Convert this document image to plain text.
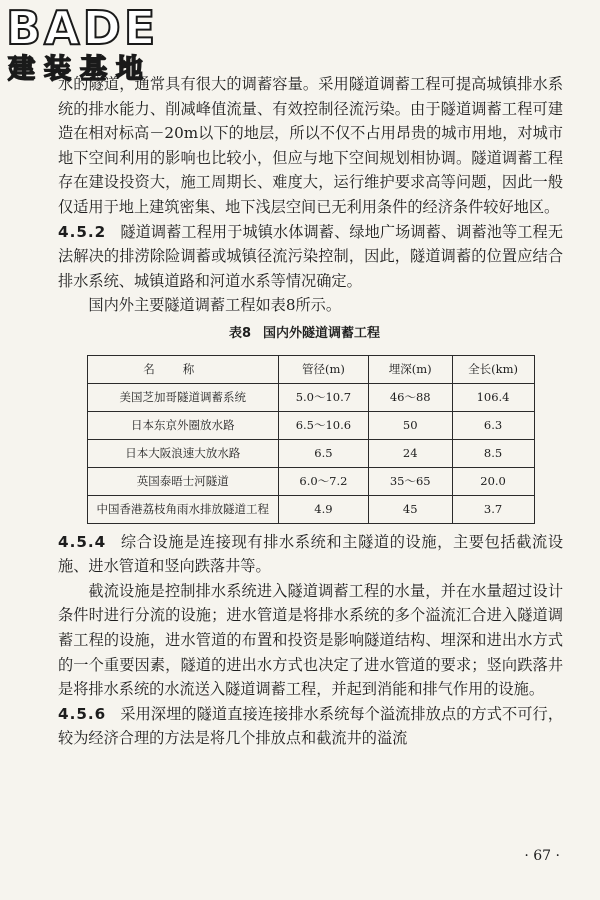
BADE
建装基地

水的隧道，通常具有很大的调蓄容量。采用隧道调蓄工程可提高城镇排水系统的排水能力、削减峰值流量、有效控制径流污染。由于隧道调蓄工程可建造在相对标高－20m以下的地层，所以不仅不占用昂贵的城市用地，对城市地下空间利用的影响也比较小，但应与地下空间规划相协调。隧道调蓄工程存在建设投资大，施工周期长、难度大，运行维护要求高等问题，因此一般仅适用于地上建筑密集、地下浅层空间已无利用条件的经济条件较好地区。

4.5.2 隧道调蓄工程用于城镇水体调蓄、绿地广场调蓄、调蓄池等工程无法解决的排涝除险调蓄或城镇径流污染控制，因此，隧道调蓄的位置应结合排水系统、城镇道路和河道水系等情况确定。

国内外主要隧道调蓄工程如表8所示。

表8 国内外隧道调蓄工程
名称	管径(m)	埋深(m)	全长(km)
美国芝加哥隧道调蓄系统	5.0～10.7	46～88	106.4
日本东京外圈放水路	6.5～10.6	50	6.3
日本大阪浪速大放水路	6.5	24	8.5
英国泰晤士河隧道	6.0～7.2	35～65	20.0
中国香港荔枝角雨水排放隧道工程	4.9	45	3.7

4.5.4 综合设施是连接现有排水系统和主隧道的设施，主要包括截流设施、进水管道和竖向跌落井等。

截流设施是控制排水系统进入隧道调蓄工程的水量，并在水量超过设计条件时进行分流的设施；进水管道是将排水系统的多个溢流汇合进入隧道调蓄工程的设施，进水管道的布置和投资是影响隧道结构、埋深和进出水方式的一个重要因素，隧道的进出水方式也决定了进水管道的要求；竖向跌落井是将排水系统的水流送入隧道调蓄工程，并起到消能和排气作用的设施。

4.5.6 采用深埋的隧道直接连接排水系统每个溢流排放点的方式不可行，较为经济合理的方法是将几个排放点和截流井的溢流

· 67 ·
